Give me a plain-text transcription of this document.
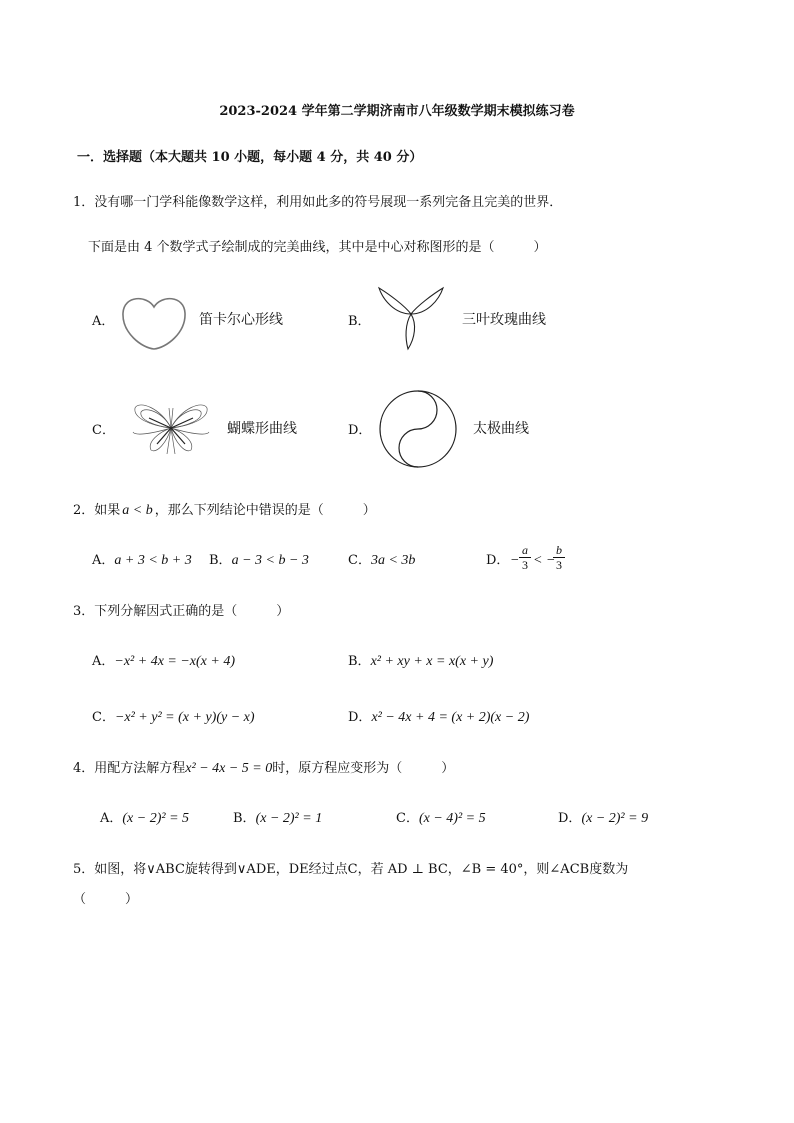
2023-2024 学年第二学期济南市八年级数学期末模拟练习卷
一．选择题（本大题共 10 小题，每小题 4 分，共 40 分）
1．没有哪一门学科能像数学这样，利用如此多的符号展现一系列完备且完美的世界．
下面是由 4 个数学式子绘制成的完美曲线，其中是中心对称图形的是（　　　）
A．	笛卡尔心形线	B．	三叶玫瑰曲线
C．	蝴蝶形曲线	D．	太极曲线
2．如果 a < b ，那么下列结论中错误的是（　　　）
A．a + 3 < b + 3 B．a − 3 < b − 3	C．3a < 3b	D． −
a
3 < −
b
3
3．下列分解因式正确的是（　　　）
A．−x² + 4x = −x(x + 4)	B．x² + xy + x = x(x + y)
C．−x² + y² = (x + y)(y − x)	D．x² − 4x + 4 = (x + 2)(x − 2)
4．用配方法解方程x² − 4x − 5 = 0时，原方程应变形为（　　　）
A．(x − 2)² = 5	B．(x − 2)² = 1	C．(x − 4)² = 5	D．(x − 2)² = 9
5．如图，将∨ABC旋转得到∨ADE，DE经过点C，若 AD ⊥ BC，∠B = 40°，则∠ACB度数为
（　　　）
